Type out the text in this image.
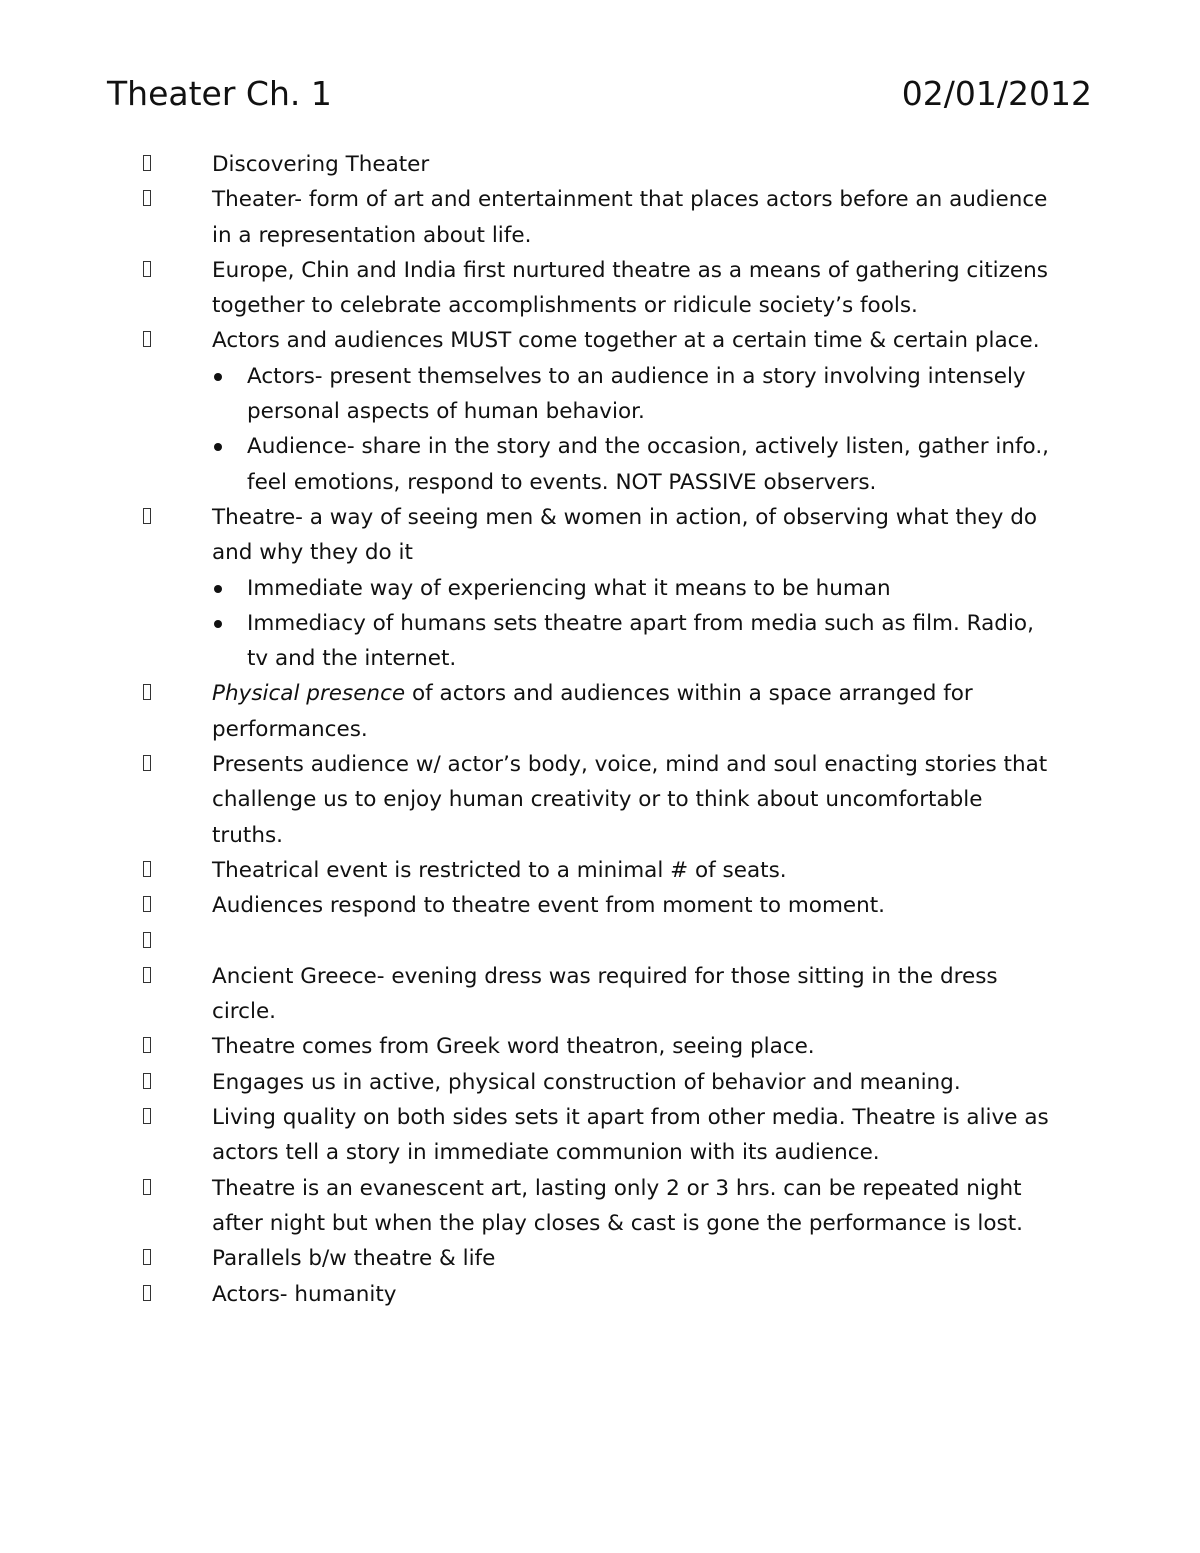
Theater Ch. 1	02/01/2012

Discovering Theater

Theater- form of art and entertainment that places actors before an audience in a representation about life.

Europe, Chin and India first nurtured theatre as a means of gathering citizens together to celebrate accomplishments or ridicule society’s fools.

Actors and audiences MUST come together at a certain time & certain place.

Actors- present themselves to an audience in a story involving intensely personal aspects of human behavior.

Audience- share in the story and the occasion, actively listen, gather info., feel emotions, respond to events. NOT PASSIVE observers.

Theatre- a way of seeing men & women in action, of observing what they do and why they do it

Immediate way of experiencing what it means to be human

Immediacy of humans sets theatre apart from media such as film. Radio, tv and the internet.

Physical presence of actors and audiences within a space arranged for performances.

Presents audience w/ actor’s body, voice, mind and soul enacting stories that challenge us to enjoy human creativity or to think about uncomfortable truths.

Theatrical event is restricted to a minimal # of seats.

Audiences respond to theatre event from moment to moment.

Ancient Greece- evening dress was required for those sitting in the dress circle.

Theatre comes from Greek word theatron, seeing place.

Engages us in active, physical construction of behavior and meaning.

Living quality on both sides sets it apart from other media. Theatre is alive as actors tell a story in immediate communion with its audience.

Theatre is an evanescent art, lasting only 2 or 3 hrs. can be repeated night after night but when the play closes & cast is gone the performance is lost.

Parallels b/w theatre & life

Actors- humanity
